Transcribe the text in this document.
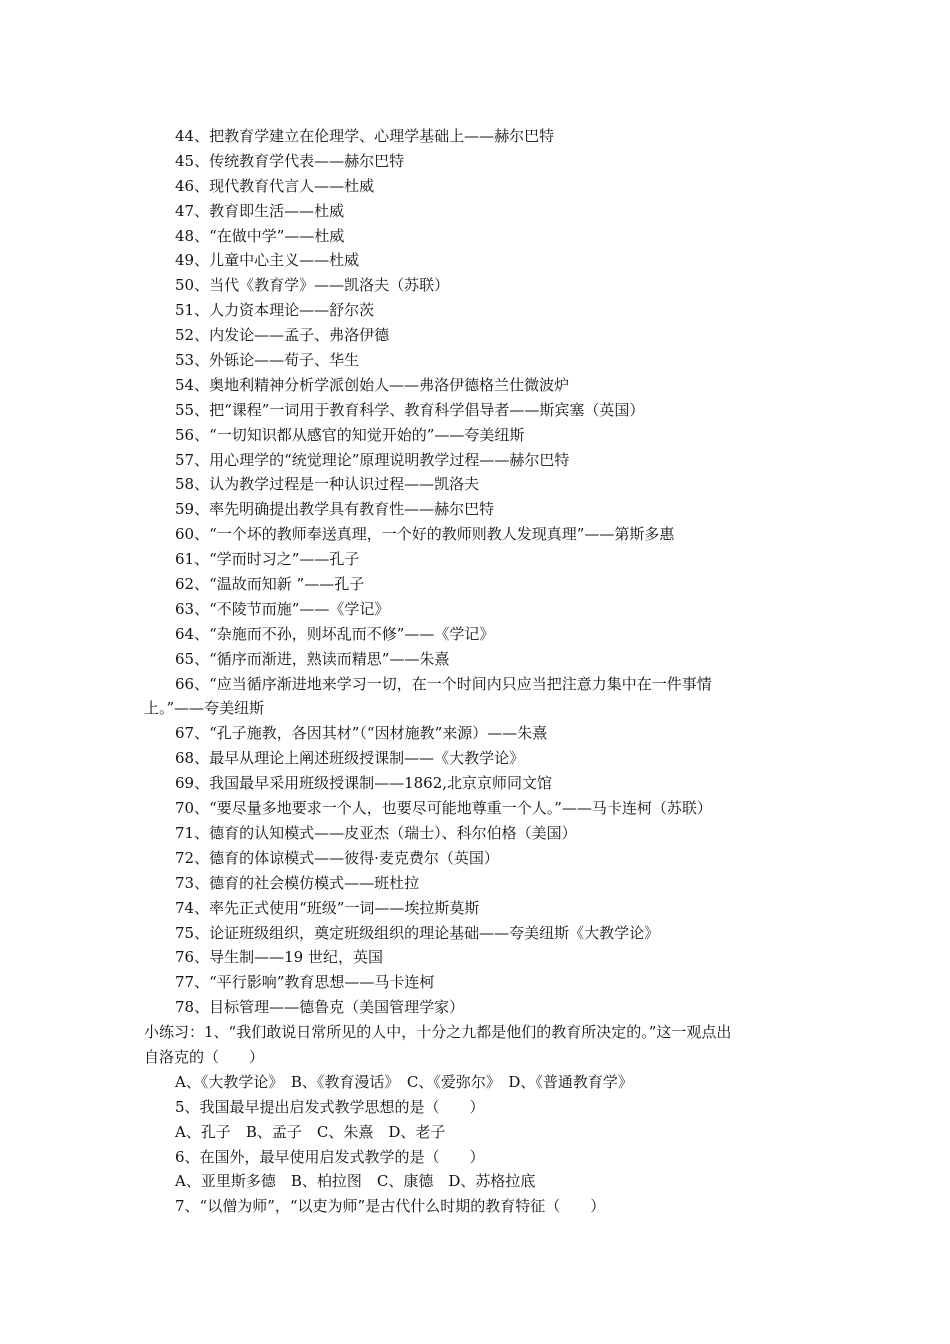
44、把教育学建立在伦理学、心理学基础上——赫尔巴特
45、传统教育学代表——赫尔巴特
46、现代教育代言人——杜威
47、教育即生活——杜威
48、“在做中学”——杜威
49、儿童中心主义——杜威
50、当代《教育学》——凯洛夫（苏联）
51、人力资本理论——舒尔茨
52、内发论——孟子、弗洛伊德
53、外铄论——荀子、华生
54、奥地利精神分析学派创始人——弗洛伊德格兰仕微波炉
55、把“课程”一词用于教育科学、教育科学倡导者——斯宾塞（英国）
56、“一切知识都从感官的知觉开始的”——夸美纽斯
57、用心理学的“统觉理论”原理说明教学过程——赫尔巴特
58、认为教学过程是一种认识过程——凯洛夫
59、率先明确提出教学具有教育性——赫尔巴特
60、“一个坏的教师奉送真理，一个好的教师则教人发现真理”——第斯多惠
61、“学而时习之”——孔子
62、“温故而知新 ”——孔子
63、“不陵节而施”——《学记》
64、“杂施而不孙，则坏乱而不修”——《学记》
65、“循序而渐进，熟读而精思”——朱熹
66、“应当循序渐进地来学习一切，在一个时间内只应当把注意力集中在一件事情
上。”——夸美纽斯
67、“孔子施教，各因其材”（“因材施教”来源）——朱熹
68、最早从理论上阐述班级授课制——《大教学论》
69、我国最早采用班级授课制——1862,北京京师同文馆
70、“要尽量多地要求一个人，也要尽可能地尊重一个人。”——马卡连柯（苏联）
71、德育的认知模式——皮亚杰（瑞士）、科尔伯格（美国）
72、德育的体谅模式——彼得·麦克费尔（英国）
73、德育的社会模仿模式——班杜拉
74、率先正式使用“班级”一词——埃拉斯莫斯
75、论证班级组织，奠定班级组织的理论基础——夸美纽斯《大教学论》
76、导生制——19 世纪，英国
77、“平行影响”教育思想——马卡连柯
78、目标管理——德鲁克（美国管理学家）
小练习：1、“我们敢说日常所见的人中，十分之九都是他们的教育所决定的。”这一观点出
自洛克的（　　）
A、《大教学论》　B、《教育漫话》　C、《爱弥尔》　D、《普通教育学》
5、我国最早提出启发式教学思想的是（　　）
A、孔子　B、孟子　C、朱熹　D、老子
6、在国外，最早使用启发式教学的是（　　）
A、亚里斯多德　B、柏拉图　C、康德　D、苏格拉底
7、“以僧为师”，“以吏为师”是古代什么时期的教育特征（　　）
